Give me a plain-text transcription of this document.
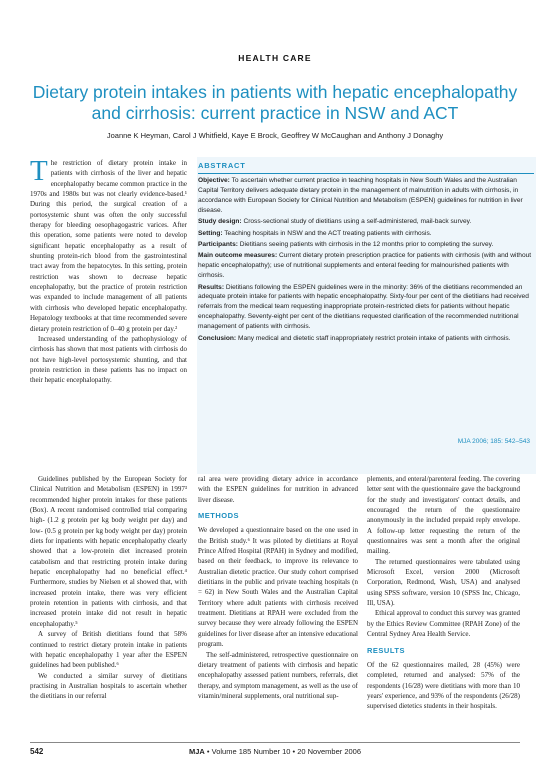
HEALTH CARE
Dietary protein intakes in patients with hepatic encephalopathy and cirrhosis: current practice in NSW and ACT
Joanne K Heyman, Carol J Whitfield, Kaye E Brock, Geoffrey W McCaughan and Anthony J Donaghy
T he restriction of dietary protein intake in patients with cirrhosis of the liver and hepatic encephalopathy became common practice in the 1970s and 1980s but was not clearly evidence-based.¹ During this period, the surgical creation of a portosystemic shunt was often the only successful therapy for bleeding oesophagogastric varices. After this operation, some patients were noted to develop significant hepatic encephalopathy as a result of shunting protein-rich blood from the gastrointestinal tract away from the hepatocytes. In this setting, protein restriction was shown to decrease hepatic encephalopathy, but the practice of protein restriction was expanded to include management of all patients with cirrhosis who developed hepatic encephalopathy. Hepatology textbooks at that time recommended severe dietary protein restriction of 0–40 g protein per day.²

Increased understanding of the pathophysiology of cirrhosis has shown that most patients with cirrhosis do not have high-level portosystemic shunting, and that protein restriction in these patients has no impact on their hepatic encephalopathy.

ABSTRACT

Objective: To ascertain whether current practice in teaching hospitals in New South Wales and the Australian Capital Territory delivers adequate dietary protein in the management of malnutrition in adults with cirrhosis, in accordance with European Society for Clinical Nutrition and Metabolism (ESPEN) guidelines for nutrition in liver disease.

Study design: Cross-sectional study of dietitians using a self-administered, mail-back survey.

Setting: Teaching hospitals in NSW and the ACT treating patients with cirrhosis.

Participants: Dietitians seeing patients with cirrhosis in the 12 months prior to completing the survey.

Main outcome measures: Current dietary protein prescription practice for patients with cirrhosis (with and without hepatic encephalopathy); use of nutritional supplements and enteral feeding for malnourished patients with cirrhosis.

Results: Dietitians following the ESPEN guidelines were in the minority: 36% of the dietitians recommended an adequate protein intake for patients with hepatic encephalopathy. Sixty-four per cent of the dietitians had received referrals from the medical team requesting inappropriate protein-restricted diets for patients without hepatic encephalopathy. Seventy-eight per cent of the dietitians requested clarification of the recommended nutritional management of patients with cirrhosis.

Conclusion: Many medical and dietetic staff inappropriately restrict protein intake of patients with cirrhosis.

MJA 2006; 185: 542–543

Guidelines published by the European Society for Clinical Nutrition and Metabolism (ESPEN) in 1997³ recommended higher protein intakes for these patients (Box). A recent randomised controlled trial comparing high- (1.2 g protein per kg body weight per day) and low- (0.5 g protein per kg body weight per day) protein diets for inpatients with hepatic encephalopathy clearly showed that a low-protein diet increased protein catabolism and that restricting protein intake during hepatic encephalopathy had no beneficial effect.⁴ Furthermore, studies by Nielsen et al showed that, with increased protein intake, there was very efficient protein retention in patients with cirrhosis, and that increased protein intake did not result in hepatic encephalopathy.⁵

A survey of British dietitians found that 58% continued to restrict dietary protein intake in patients with hepatic encephalopathy 1 year after the ESPEN guidelines had been published.⁶

We conducted a similar survey of dietitians practising in Australian hospitals to ascertain whether the dietitians in our referral

ral area were providing dietary advice in accordance with the ESPEN guidelines for nutrition in advanced liver disease.

METHODS

We developed a questionnaire based on the one used in the British study.⁶ It was piloted by dietitians at Royal Prince Alfred Hospital (RPAH) in Sydney and modified, based on their feedback, to improve its relevance to Australian dietetic practice. Our study cohort comprised dietitians in the public and private teaching hospitals (n = 62) in New South Wales and the Australian Capital Territory where adult patients with cirrhosis received treatment. Dietitians at RPAH were excluded from the survey because they were already following the ESPEN guidelines for liver disease after an intensive educational program.

The self-administered, retrospective questionnaire on dietary treatment of patients with cirrhosis and hepatic encephalopathy assessed patient numbers, referrals, diet therapy, and symptom management, as well as the use of vitamin/mineral supplements, oral nutritional sup-

plements, and enteral/parenteral feeding. The covering letter sent with the questionnaire gave the background for the study and investigators' contact details, and encouraged the return of the questionnaire anonymously in the included prepaid reply envelope. A follow-up letter requesting the return of the questionnaires was sent a month after the original mailing.

The returned questionnaires were tabulated using Microsoft Excel, version 2000 (Microsoft Corporation, Redmond, Wash, USA) and analysed using SPSS software, version 10 (SPSS Inc, Chicago, Ill, USA).

Ethical approval to conduct this survey was granted by the Ethics Review Committee (RPAH Zone) of the Central Sydney Area Health Service.

RESULTS

Of the 62 questionnaires mailed, 28 (45%) were completed, returned and analysed: 57% of the respondents (16/28) were dietitians with more than 10 years' experience, and 93% of the respondents (26/28) supervised dietetics students in their hospitals.

542	MJA • Volume 185 Number 10 • 20 November 2006
